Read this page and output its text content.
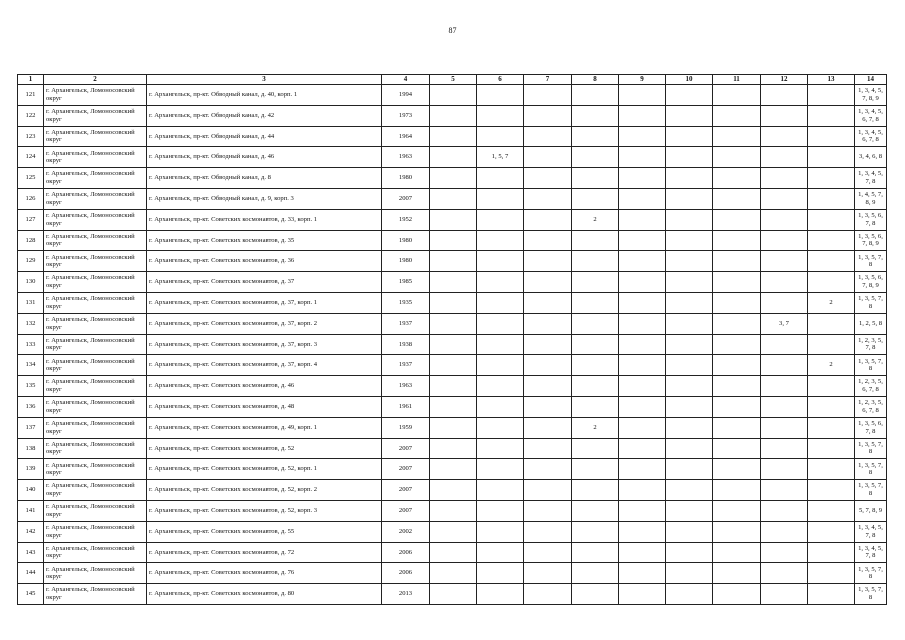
87
1	2	3	4	5	6	7	8	9	10	11	12	13	14
121	г. Архангельск, Ломоносовский округ	г. Архангельск, пр-кт. Обводный канал, д. 40, корп. 1	1994										1, 3, 4, 5, 7, 8, 9
122	г. Архангельск, Ломоносовский округ	г. Архангельск, пр-кт. Обводный канал, д. 42	1973										1, 3, 4, 5, 6, 7, 8
123	г. Архангельск, Ломоносовский округ	г. Архангельск, пр-кт. Обводный канал, д. 44	1964										1, 3, 4, 5, 6, 7, 8
124	г. Архангельск, Ломоносовский округ	г. Архангельск, пр-кт. Обводный канал, д. 46	1963		1, 5, 7								3, 4, 6, 8
125	г. Архангельск, Ломоносовский округ	г. Архангельск, пр-кт. Обводный канал, д. 8	1980										1, 3, 4, 5, 7, 8
126	г. Архангельск, Ломоносовский округ	г. Архангельск, пр-кт. Обводный канал, д. 9, корп. 3	2007										1, 4, 5, 7, 8, 9
127	г. Архангельск, Ломоносовский округ	г. Архангельск, пр-кт. Советских космонавтов, д. 33, корп. 1	1952				2						1, 3, 5, 6, 7, 8
128	г. Архангельск, Ломоносовский округ	г. Архангельск, пр-кт. Советских космонавтов, д. 35	1980										1, 3, 5, 6, 7, 8, 9
129	г. Архангельск, Ломоносовский округ	г. Архангельск, пр-кт. Советских космонавтов, д. 36	1980										1, 3, 5, 7, 8
130	г. Архангельск, Ломоносовский округ	г. Архангельск, пр-кт. Советских космонавтов, д. 37	1985										1, 3, 5, 6, 7, 8, 9
131	г. Архангельск, Ломоносовский округ	г. Архангельск, пр-кт. Советских космонавтов, д. 37, корп. 1	1935									2	1, 3, 5, 7, 8
132	г. Архангельск, Ломоносовский округ	г. Архангельск, пр-кт. Советских космонавтов, д. 37, корп. 2	1937								3, 7		1, 2, 5, 8
133	г. Архангельск, Ломоносовский округ	г. Архангельск, пр-кт. Советских космонавтов, д. 37, корп. 3	1938										1, 2, 3, 5, 7, 8
134	г. Архангельск, Ломоносовский округ	г. Архангельск, пр-кт. Советских космонавтов, д. 37, корп. 4	1937									2	1, 3, 5, 7, 8
135	г. Архангельск, Ломоносовский округ	г. Архангельск, пр-кт. Советских космонавтов, д. 46	1963										1, 2, 3, 5, 6, 7, 8
136	г. Архангельск, Ломоносовский округ	г. Архангельск, пр-кт. Советских космонавтов, д. 48	1961										1, 2, 3, 5, 6, 7, 8
137	г. Архангельск, Ломоносовский округ	г. Архангельск, пр-кт. Советских космонавтов, д. 49, корп. 1	1959				2						1, 3, 5, 6, 7, 8
138	г. Архангельск, Ломоносовский округ	г. Архангельск, пр-кт. Советских космонавтов, д. 52	2007										1, 3, 5, 7, 8
139	г. Архангельск, Ломоносовский округ	г. Архангельск, пр-кт. Советских космонавтов, д. 52, корп. 1	2007										1, 3, 5, 7, 8
140	г. Архангельск, Ломоносовский округ	г. Архангельск, пр-кт. Советских космонавтов, д. 52, корп. 2	2007										1, 3, 5, 7, 8
141	г. Архангельск, Ломоносовский округ	г. Архангельск, пр-кт. Советских космонавтов, д. 52, корп. 3	2007										5, 7, 8, 9
142	г. Архангельск, Ломоносовский округ	г. Архангельск, пр-кт. Советских космонавтов, д. 55	2002										1, 3, 4, 5, 7, 8
143	г. Архангельск, Ломоносовский округ	г. Архангельск, пр-кт. Советских космонавтов, д. 72	2006										1, 3, 4, 5, 7, 8
144	г. Архангельск, Ломоносовский округ	г. Архангельск, пр-кт. Советских космонавтов, д. 76	2006										1, 3, 5, 7, 8
145	г. Архангельск, Ломоносовский округ	г. Архангельск, пр-кт. Советских космонавтов, д. 80	2013										1, 3, 5, 7, 8
